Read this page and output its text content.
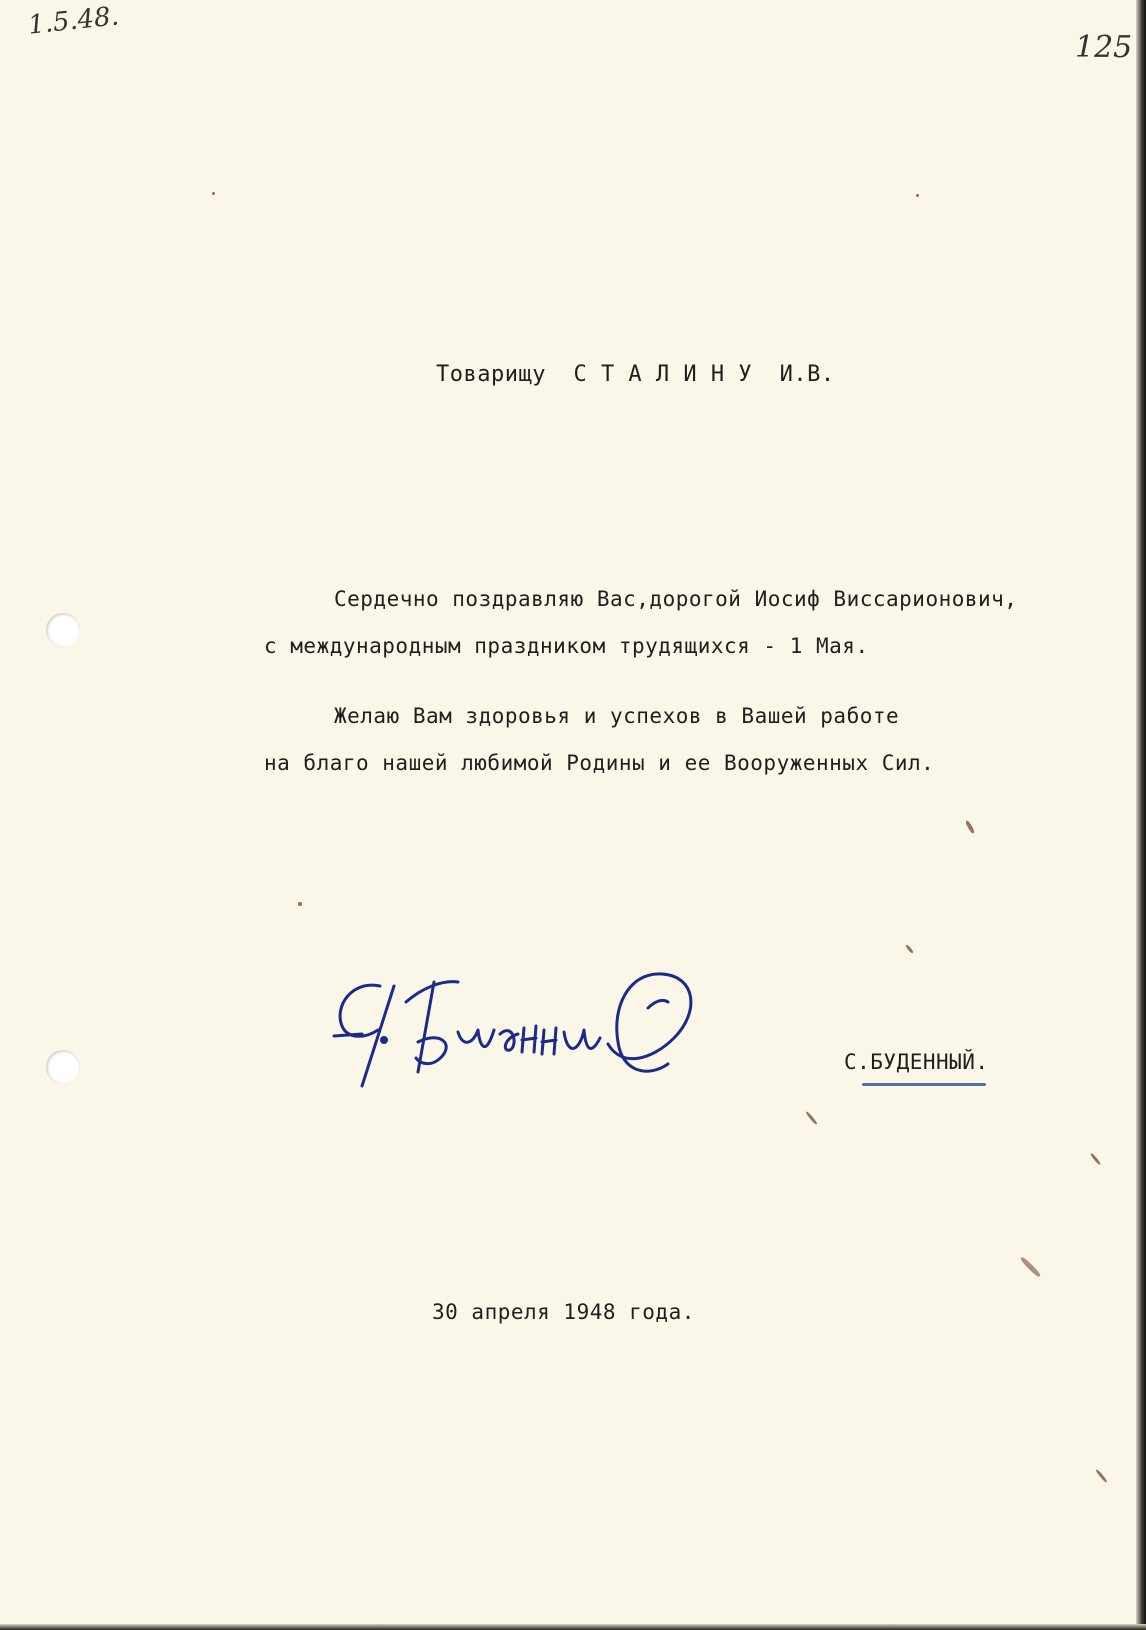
1.5.48.
125
Товарищу  С Т А Л И Н У  И.В.
Сердечно поздравляю Вас,дорогой Иосиф Виссарионович,
с международным праздником трудящихся - 1 Мая.
Желаю Вам здоровья и успехов в Вашей работе
на благо нашей любимой Родины и ее Вооруженных Сил.
С.БУДЕННЫЙ.
30 апреля 1948 года.
